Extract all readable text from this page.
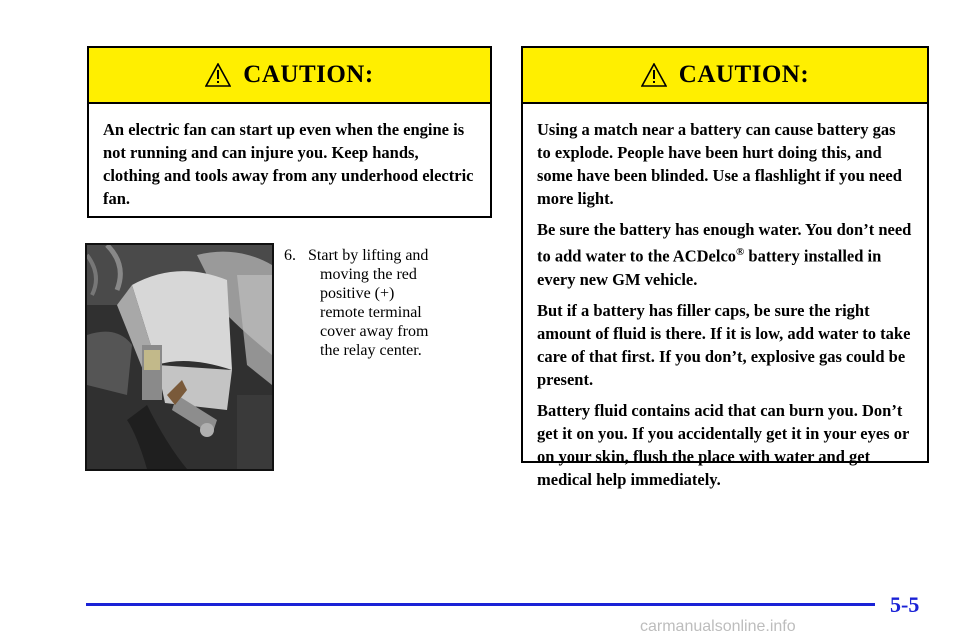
CAUTION:

An electric fan can start up even when the engine is not running and can injure you. Keep hands, clothing and tools away from any underhood electric fan.

6. Start by lifting and
moving the red
positive (+)
remote terminal
cover away from
the relay center.
CAUTION:

Using a match near a battery can cause battery gas to explode. People have been hurt doing this, and some have been blinded. Use a flashlight if you need more light.

Be sure the battery has enough water. You don’t need to add water to the ACDelco® battery installed in every new GM vehicle.

But if a battery has filler caps, be sure the right amount of fluid is there. If it is low, add water to take care of that first. If you don’t, explosive gas could be present.

Battery fluid contains acid that can burn you. Don’t get it on you. If you accidentally get it in your eyes or on your skin, flush the place with water and get medical help immediately.

5-5
carmanualsonline.info
